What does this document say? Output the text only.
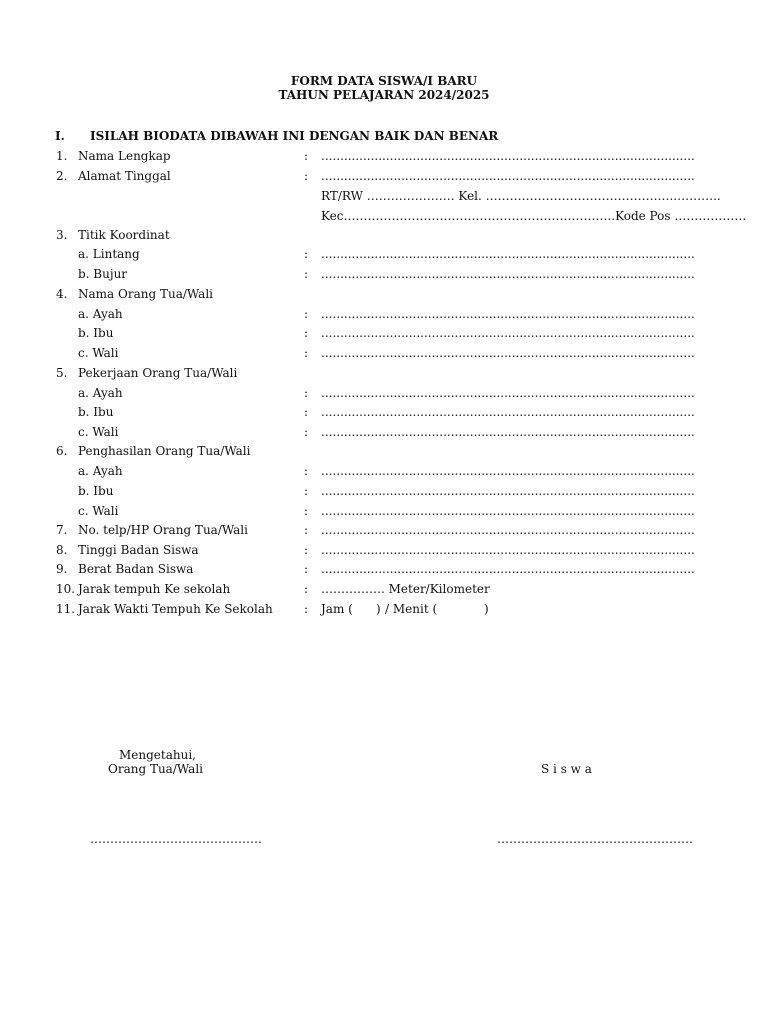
FORM DATA SISWA/I BARU
TAHUN PELAJARAN 2024/2025
I. ISILAH BIODATA DIBAWAH INI DENGAN BAIK DAN BENAR
1. Nama Lengkap	: ..................................................................................................
2. Alamat Tinggal	: ..................................................................................................
RT/RW …………………. Kel. …………………………………….…..………..
Kec…………………………………………………………..Kode Pos ………………
3. Titik Koordinat
a. Lintang	: ..................................................................................................
b. Bujur	: ..................................................................................................
4. Nama Orang Tua/Wali
a. Ayah	: ..................................................................................................
b. Ibu	: ..................................................................................................
c. Wali	: ..................................................................................................
5. Pekerjaan Orang Tua/Wali
a. Ayah	: ..................................................................................................
b. Ibu	: ..................................................................................................
c. Wali	: ..................................................................................................
6. Penghasilan Orang Tua/Wali
a. Ayah	: ..................................................................................................
b. Ibu	: ..................................................................................................
c. Wali	: ..................................................................................................
7. No. telp/HP Orang Tua/Wali	: ..................................................................................................
8. Tinggi Badan Siswa	: ..................................................................................................
9. Berat Badan Siswa	: ..................................................................................................
10. Jarak tempuh Ke sekolah	: ……………. Meter/Kilometer
11. Jarak Wakti Tempuh Ke Sekolah	: Jam ( ) / Menit (	)
Mengetahui,
Orang Tua/Wali	S i s w a
…………………………………….	………………………………………….
